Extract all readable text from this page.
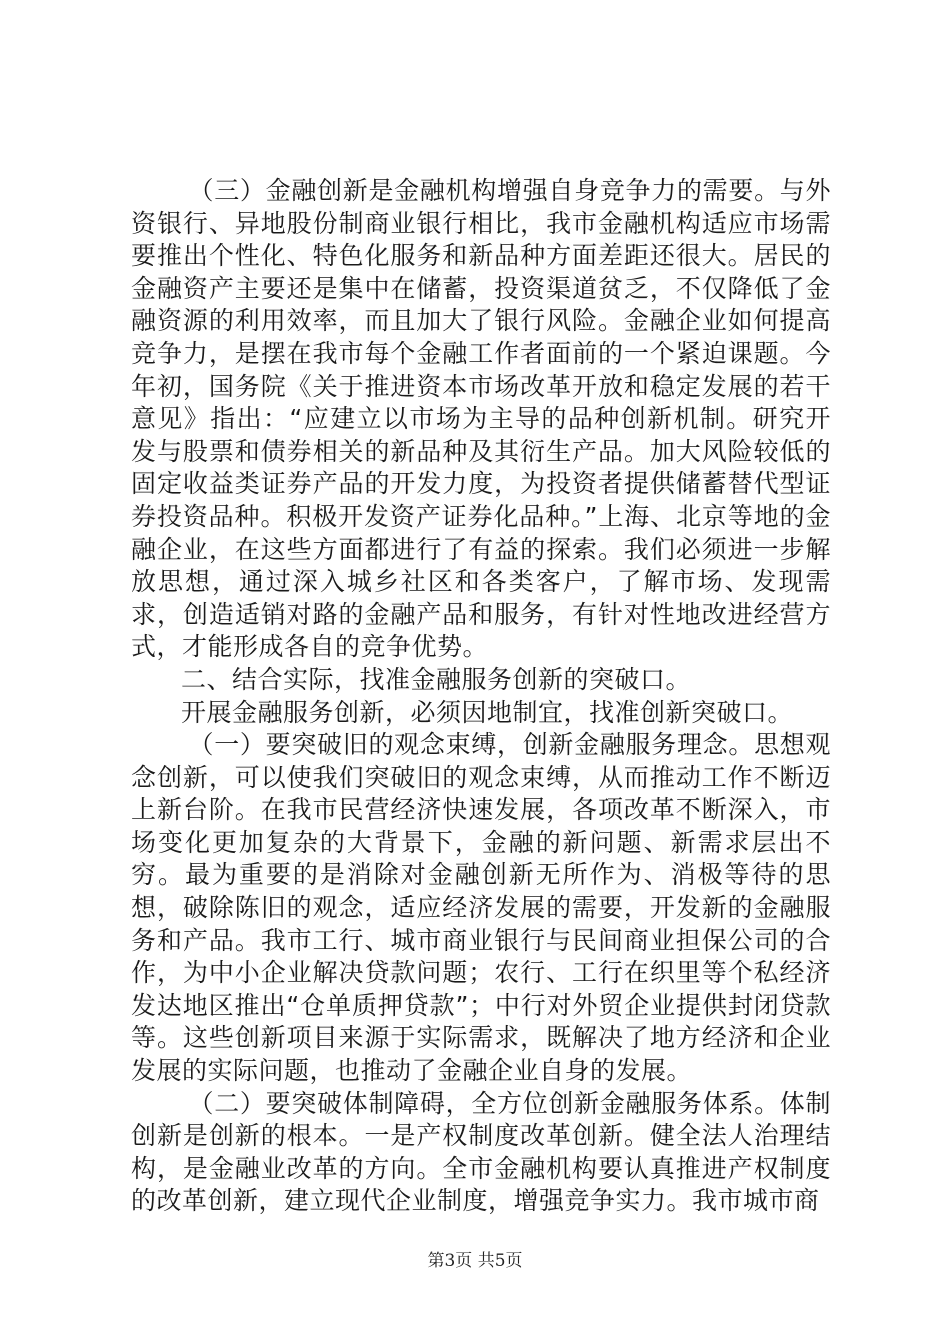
（三）金融创新是金融机构增强自身竞争力的需要。与外资银行、异地股份制商业银行相比，我市金融机构适应市场需要推出个性化、特色化服务和新品种方面差距还很大。居民的金融资产主要还是集中在储蓄，投资渠道贫乏，不仅降低了金融资源的利用效率，而且加大了银行风险。金融企业如何提高竞争力，是摆在我市每个金融工作者面前的一个紧迫课题。今年初，国务院《关于推进资本市场改革开放和稳定发展的若干意见》指出：“应建立以市场为主导的品种创新机制。研究开发与股票和债券相关的新品种及其衍生产品。加大风险较低的固定收益类证券产品的开发力度，为投资者提供储蓄替代型证券投资品种。积极开发资产证券化品种。”上海、北京等地的金融企业，在这些方面都进行了有益的探索。我们必须进一步解放思想，通过深入城乡社区和各类客户，了解市场、发现需求，创造适销对路的金融产品和服务，有针对性地改进经营方式，才能形成各自的竞争优势。

二、结合实际，找准金融服务创新的突破口。

开展金融服务创新，必须因地制宜，找准创新突破口。

（一）要突破旧的观念束缚，创新金融服务理念。思想观念创新，可以使我们突破旧的观念束缚，从而推动工作不断迈上新台阶。在我市民营经济快速发展，各项改革不断深入，市场变化更加复杂的大背景下，金融的新问题、新需求层出不穷。最为重要的是消除对金融创新无所作为、消极等待的思想，破除陈旧的观念，适应经济发展的需要，开发新的金融服务和产品。我市工行、城市商业银行与民间商业担保公司的合作，为中小企业解决贷款问题；农行、工行在织里等个私经济发达地区推出“仓单质押贷款”；中行对外贸企业提供封闭贷款等。这些创新项目来源于实际需求，既解决了地方经济和企业发展的实际问题，也推动了金融企业自身的发展。

（二）要突破体制障碍，全方位创新金融服务体系。体制创新是创新的根本。一是产权制度改革创新。健全法人治理结构，是金融业改革的方向。全市金融机构要认真推进产权制度的改革创新，建立现代企业制度，增强竞争实力。我市城市商

第3页 共5页
